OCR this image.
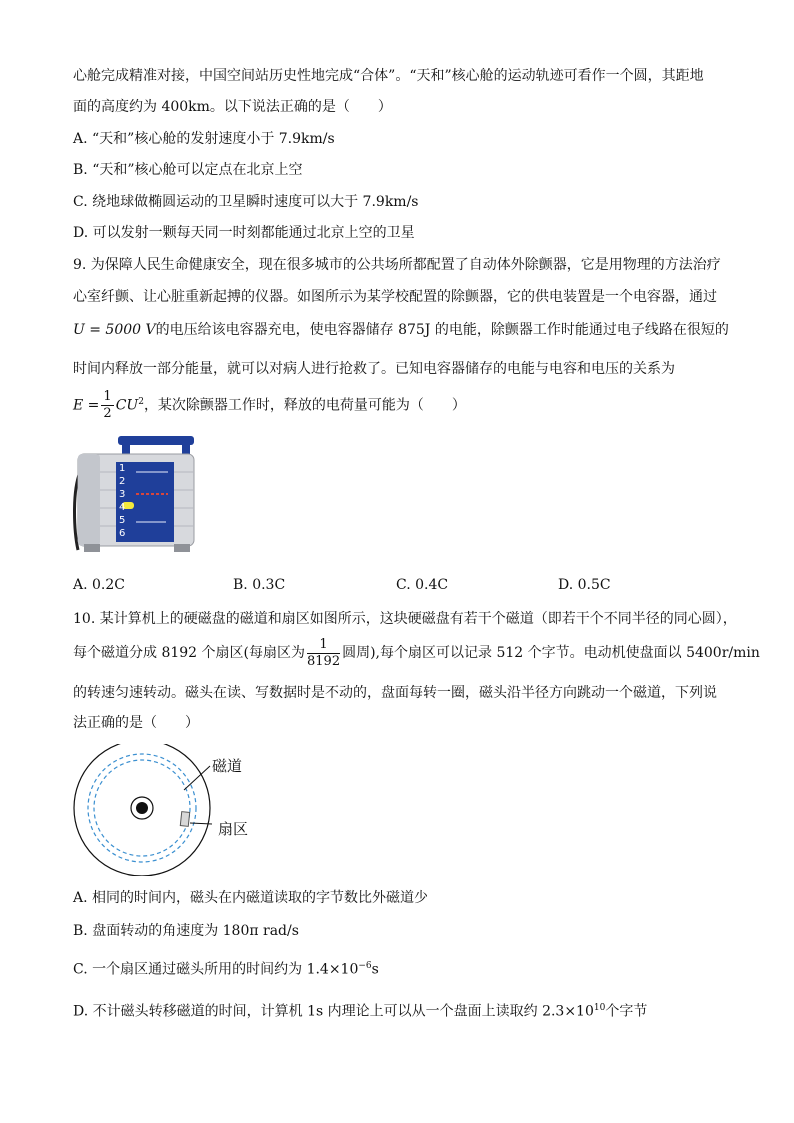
心舱完成精准对接，中国空间站历史性地完成“合体”。“天和”核心舱的运动轨迹可看作一个圆，其距地
面的高度约为 400km。以下说法正确的是（　　）
A. “天和”核心舱的发射速度小于 7.9km/s
B. “天和”核心舱可以定点在北京上空
C. 绕地球做椭圆运动的卫星瞬时速度可以大于 7.9km/s
D. 可以发射一颗每天同一时刻都能通过北京上空的卫星
9. 为保障人民生命健康安全，现在很多城市的公共场所都配置了自动体外除颤器，它是用物理的方法治疗
心室纤颤、让心脏重新起搏的仪器。如图所示为某学校配置的除颤器，它的供电装置是一个电容器，通过
U = 5000 V的电压给该电容器充电，使电容器储存 875J 的电能，除颤器工作时能通过电子线路在很短的
时间内释放一部分能量，就可以对病人进行抢救了。已知电容器储存的电能与电容和电压的关系为
$E = \frac{1}{2} CU^2$，某次除颤器工作时，释放的电荷量可能为（　　）
1
2
3
4
5
6
A. 0.2C	B. 0.3C	C. 0.4C	D. 0.5C
10. 某计算机上的硬磁盘的磁道和扇区如图所示，这块硬磁盘有若干个磁道（即若干个不同半径的同心圆），
每个磁道分成 8192 个扇区(每扇区为 $\frac{1}{8192}$ 圆周),每个扇区可以记录 512 个字节。电动机使盘面以 5400r/min
的转速匀速转动。磁头在读、写数据时是不动的，盘面每转一圈，磁头沿半径方向跳动一个磁道，下列说
法正确的是（　　）
磁道
扇区
A. 相同的时间内，磁头在内磁道读取的字节数比外磁道少
B. 盘面转动的角速度为 180π rad/s
C. 一个扇区通过磁头所用的时间约为 $1.4\times 10^{-6}s$
D. 不计磁头转移磁道的时间，计算机 1s 内理论上可以从一个盘面上读取约 $2.3\times 10^{10}$个字节
